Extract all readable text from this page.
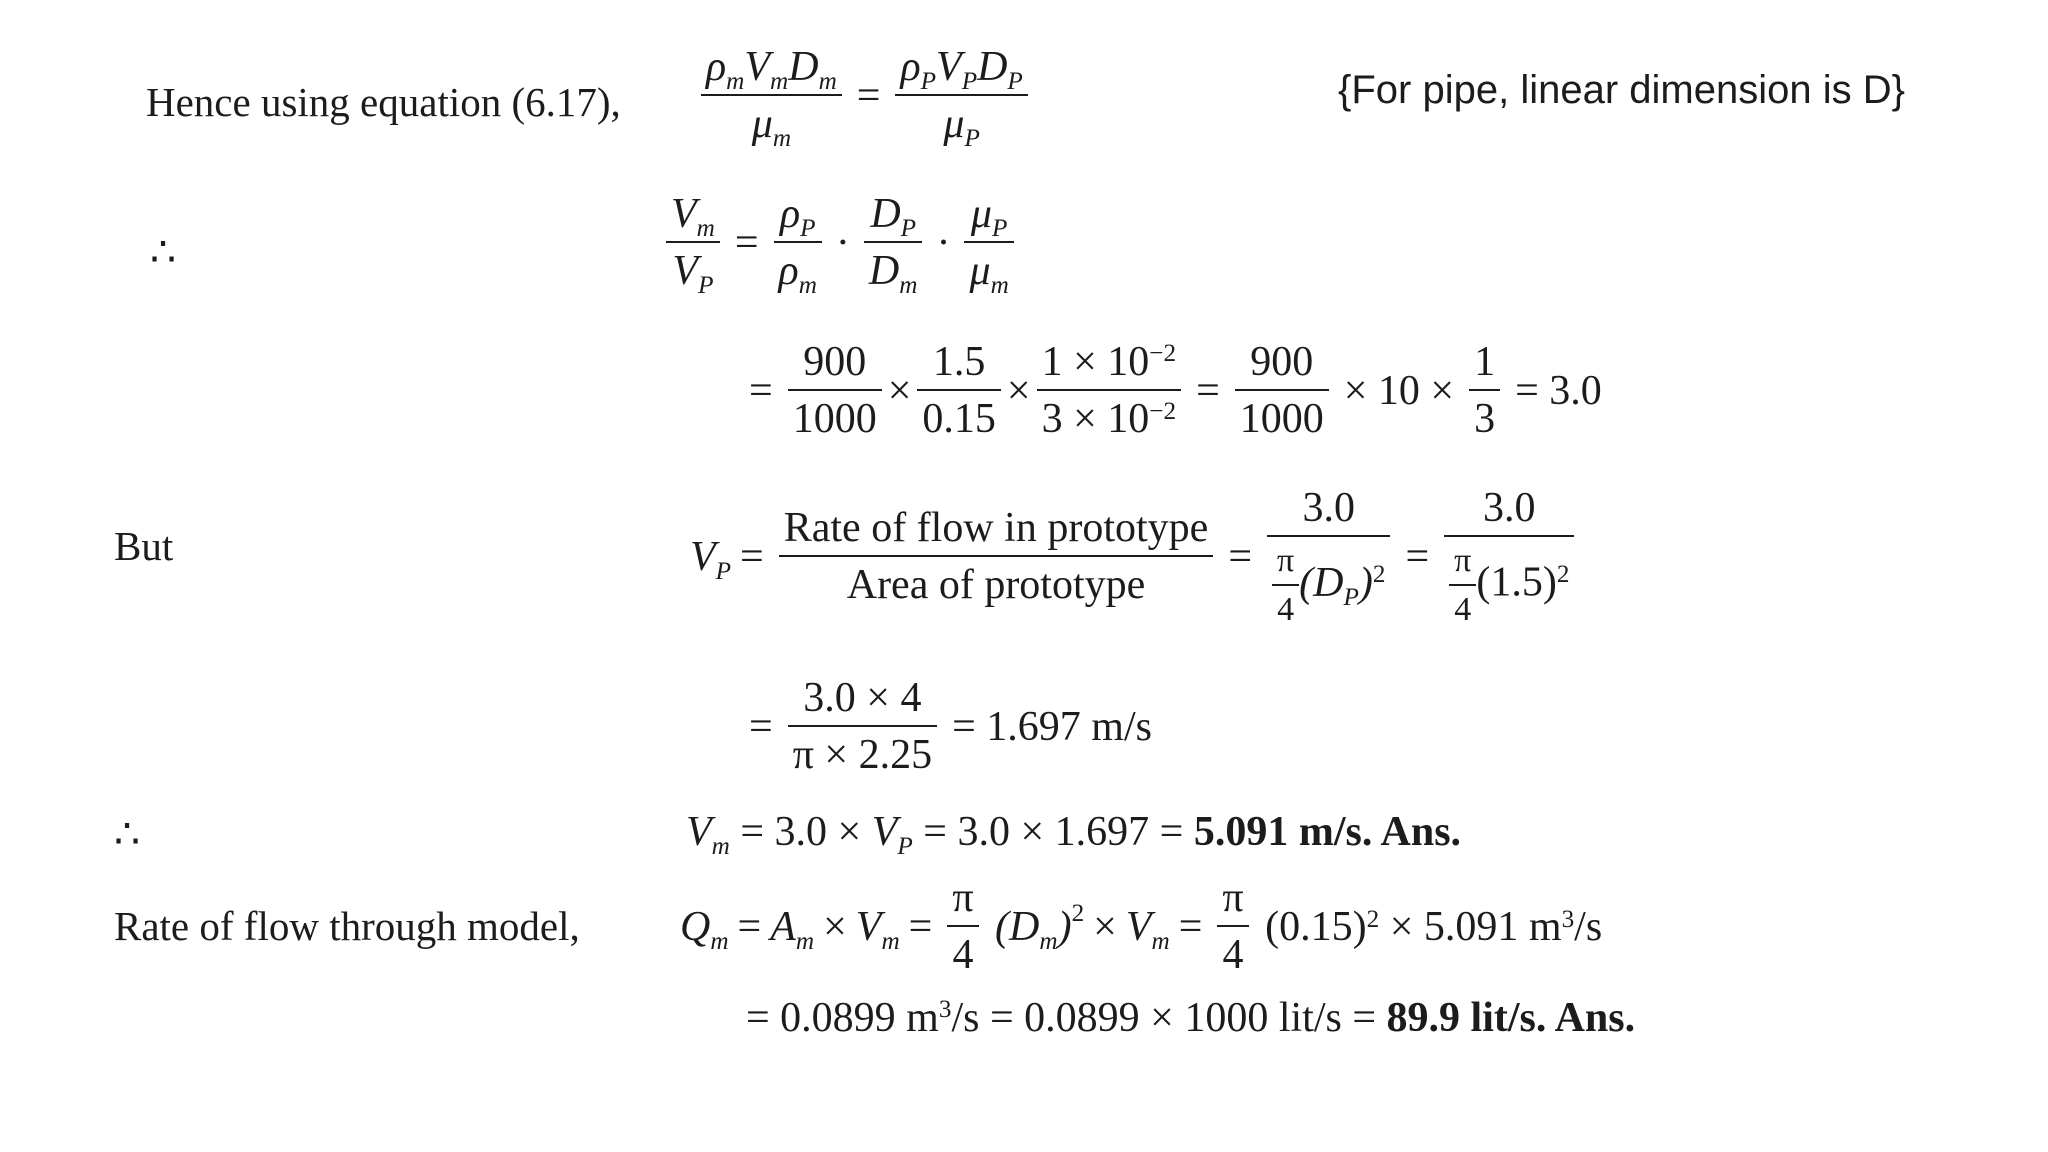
Hence using equation (6.17), $\frac{\rho_mV_mD_m}{\mu_m} = \frac{\rho_PV_PD_P}{\mu_P}$	{For pipe, linear dimension is D}
∴	$\frac{V_m}{V_P} = \frac{\rho_P}{\rho_m} \cdot \frac{D_P}{D_m} \cdot \frac{\mu_P}{\mu_m}$
= $\frac{900}{1000} \times \frac{1.5}{0.15} \times \frac{1 \times 10^{-2}}{3 \times 10^{-2}} = \frac{900}{1000} \times 10 \times \frac{1}{3} = 3.0$
But	$V_P = \frac{\text{Rate of flow in prototype}}{\text{Area of prototype}} = \frac{3.0}{\frac{\pi}{4} (D_P)^2} = \frac{3.0}{\frac{\pi}{4} (1.5)^2}$
= $\frac{3.0 \times 4}{\pi \times 2.25} = 1.697$ m/s
∴	$V_m = 3.0 \times V_P = 3.0 \times 1.697 = 5.091$ m/s. Ans.
Rate of flow through model, $Q_m = A_m \times V_m = \frac{\pi}{4} (D_m)^2 \times V_m = \frac{\pi}{4} (0.15)^2 \times 5.091$ $m^3/s$
= 0.0899 $m^3/s = 0.0899 \times 1000$ lit/s = 89.9 lit/s. Ans.
